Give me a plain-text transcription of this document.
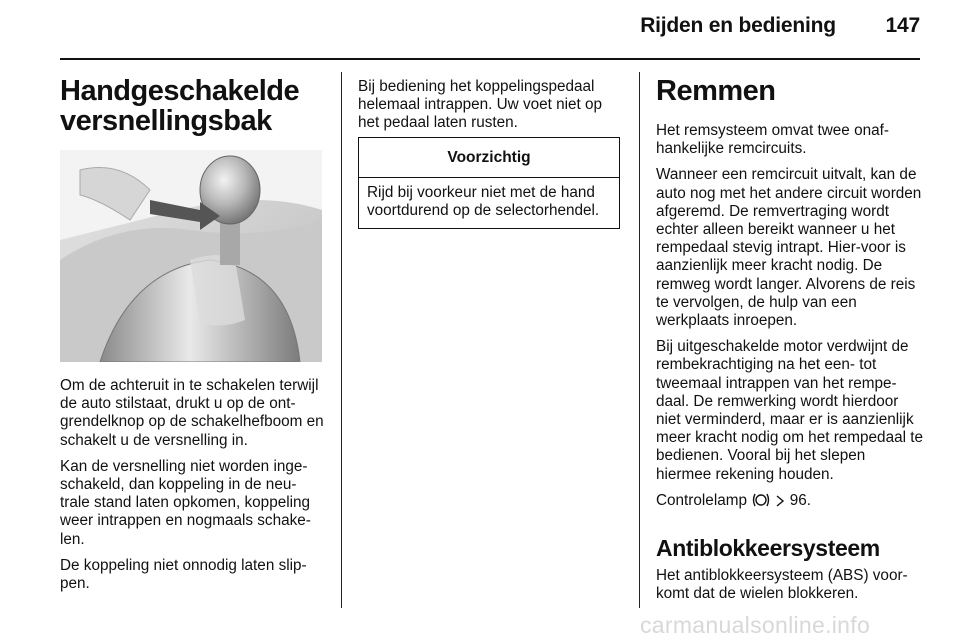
Rijden en bediening 147
Handgeschakelde
versnellingsbak

Om de achteruit in te schakelen terwijl de auto stilstaat, drukt u op de ont-grendelknop op de schakelhefboom en schakelt u de versnelling in.

Kan de versnelling niet worden inge-schakeld, dan koppeling in de neu-trale stand laten opkomen, koppeling weer intrappen en nogmaals schake-len.

De koppeling niet onnodig laten slip-pen.

Bij bediening het koppelingspedaal helemaal intrappen. Uw voet niet op het pedaal laten rusten.

Voorzichtig
Rijd bij voorkeur niet met de hand voortdurend op de selectorhendel.
Remmen

Het remsysteem omvat twee onaf-hankelijke remcircuits.

Wanneer een remcircuit uitvalt, kan de auto nog met het andere circuit worden afgeremd. De remvertraging wordt echter alleen bereikt wanneer u het rempedaal stevig intrapt. Hier-voor is aanzienlijk meer kracht nodig. De remweg wordt langer. Alvorens de reis te vervolgen, de hulp van een werkplaats inroepen.

Bij uitgeschakelde motor verdwijnt de rembekrachtiging na het een- tot tweemaal intrappen van het rempe-daal. De remwerking wordt hierdoor niet verminderd, maar er is aanzienlijk meer kracht nodig om het rempedaal te bedienen. Vooral bij het slepen hiermee rekening houden.

Controlelamp	96.

Antiblokkeersysteem

Het antiblokkeersysteem (ABS) voor-komt dat de wielen blokkeren.

carmanualsonline.info
